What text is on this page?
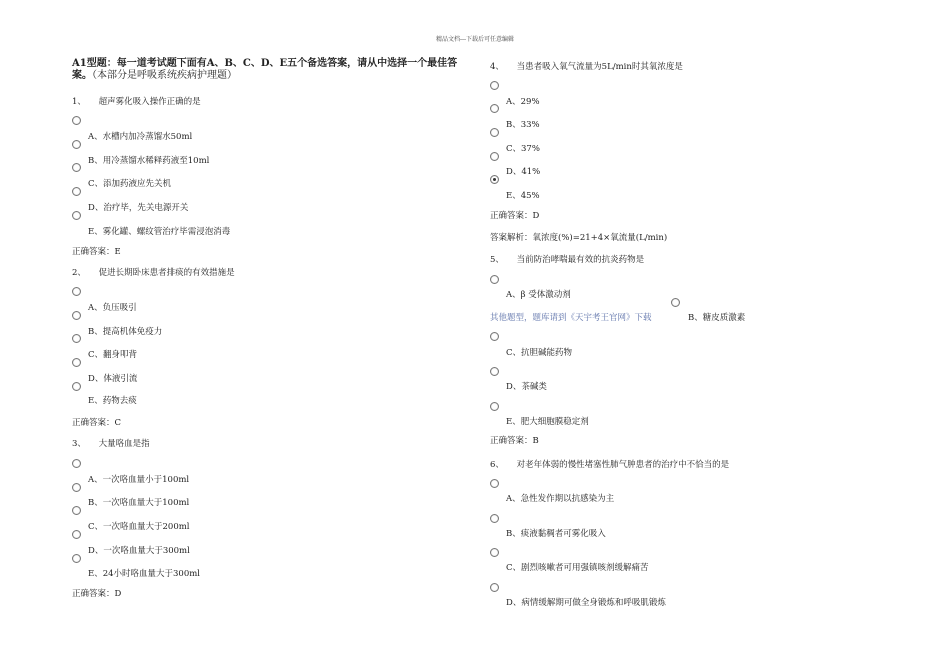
精品文档---下载后可任意编辑
A1型题：每一道考试题下面有A、B、C、D、E五个备选答案，请从中选择一个最佳答案。（本部分是呼吸系统疾病护理题）
1、　　超声雾化吸入操作正确的是
A、水槽内加冷蒸馏水50ml
B、用冷蒸馏水稀释药液至10ml
C、添加药液应先关机
D、治疗毕，先关电源开关
E、雾化罐、螺纹管治疗毕需浸泡消毒
正确答案：E
2、　　促进长期卧床患者排痰的有效措施是
A、负压吸引
B、提高机体免疫力
C、翻身叩背
D、体液引流
E、药物去痰
正确答案：C
3、　　大量咯血是指
A、一次咯血量小于100ml
B、一次咯血量大于100ml
C、一次咯血量大于200ml
D、一次咯血量大于300ml
E、24小时咯血量大于300ml
正确答案：D
4、　　当患者吸入氧气流量为5L/min时其氧浓度是
A、29%
B、33%
C、37%
D、41%
E、45%
正确答案：D
答案解析：氧浓度(%)=21+4×氧流量(L/min)
5、　　当前防治哮喘最有效的抗炎药物是
A、β 受体激动剂
其他题型，题库请到《天宇考王官网》下载	B、糖皮质激素
C、抗胆碱能药物
D、茶碱类
E、肥大细胞膜稳定剂
正确答案：B
6、　　对老年体弱的慢性堵塞性肺气肿患者的治疗中不恰当的是
A、急性发作期以抗感染为主
B、痰液黏稠者可雾化吸入
C、剧烈咳嗽者可用强镇咳剂缓解痛苦
D、病情缓解期可做全身锻炼和呼吸肌锻炼
